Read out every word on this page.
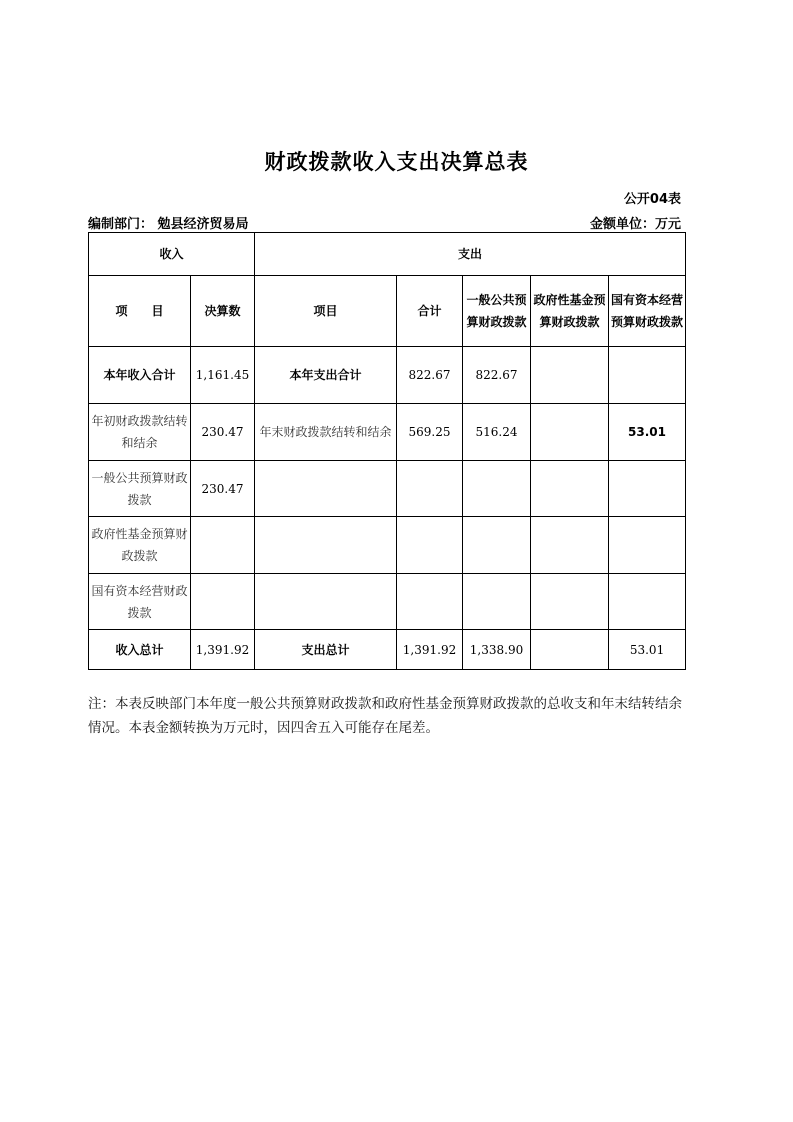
财政拨款收入支出决算总表
公开04表
编制部门： 勉县经济贸易局	金额单位：万元
收入		支出				
项　　目	决算数	项目	合计	一般公共预算财政拨款	政府性基金预算财政拨款	国有资本经营预算财政拨款
本年收入合计	1,161.45	本年支出合计	822.67	822.67		
年初财政拨款结转和结余	230.47	年末财政拨款结转和结余	569.25	516.24		53.01
一般公共预算财政拨款	230.47					
政府性基金预算财政拨款						
国有资本经营财政拨款						
收入总计	1,391.92	支出总计	1,391.92	1,338.90		53.01
注：本表反映部门本年度一般公共预算财政拨款和政府性基金预算财政拨款的总收支和年末结转结余情况。本表金额转换为万元时，因四舍五入可能存在尾差。
